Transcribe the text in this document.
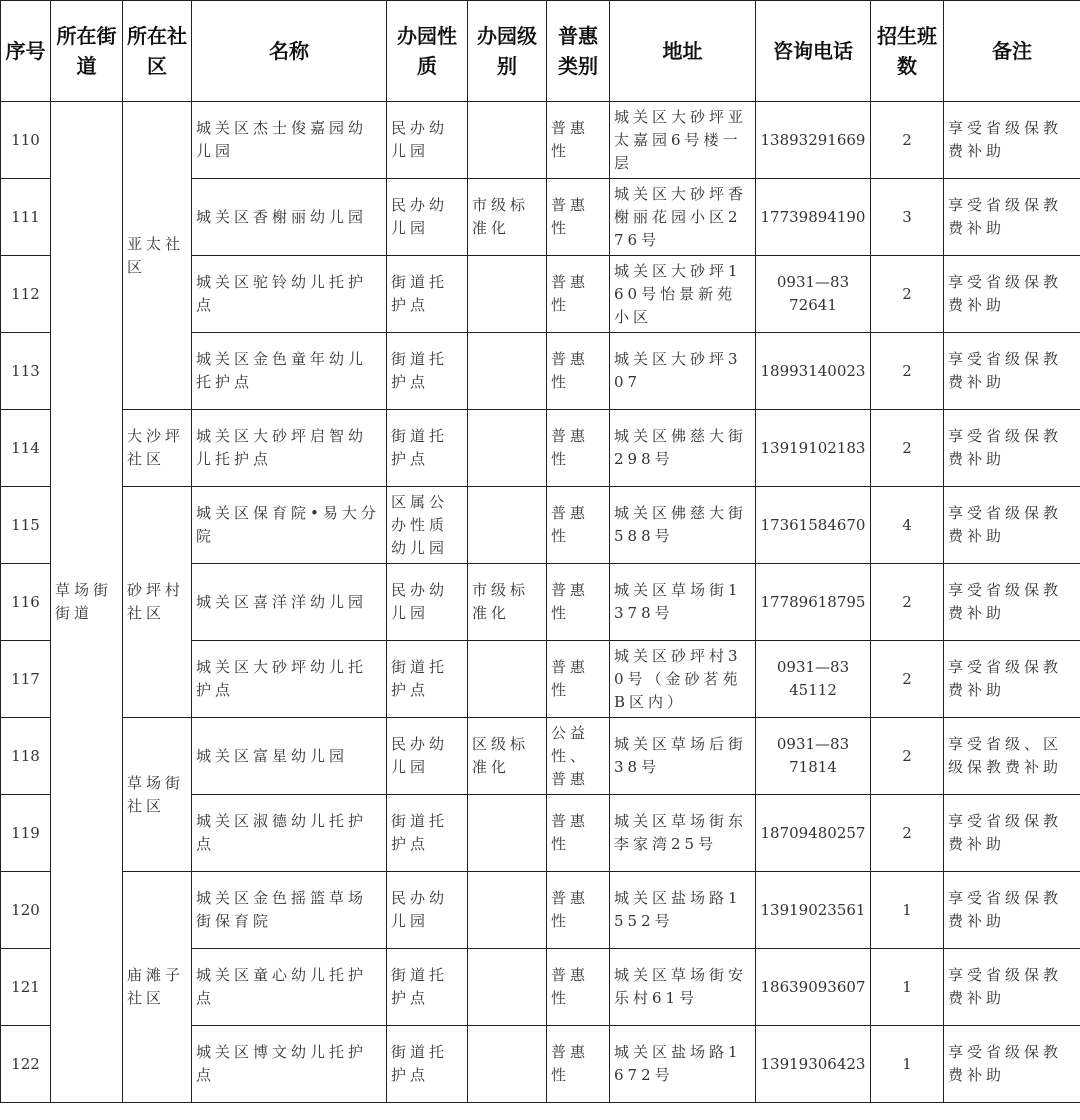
序号	所在街道	所在社区	名称	办园性质	办园级别	普惠类别	地址	咨询电话	招生班数	备注
110	草场街街道	亚太社区	城关区杰士俊嘉园幼儿园	民办幼儿园		普惠性	城关区大砂坪亚太嘉园6号楼一层	13893291669	2	享受省级保教费补助
111			城关区香榭丽幼儿园	民办幼儿园	市级标准化	普惠性	城关区大砂坪香榭丽花园小区276号	17739894190	3	享受省级保教费补助
112			城关区驼铃幼儿托护点	街道托护点		普惠性	城关区大砂坪160号怡景新苑小区	0931—8372641	2	享受省级保教费补助
113			城关区金色童年幼儿托护点	街道托护点		普惠性	城关区大砂坪307	18993140023	2	享受省级保教费补助
114		大沙坪社区	城关区大砂坪启智幼儿托护点	街道托护点		普惠性	城关区佛慈大街298号	13919102183	2	享受省级保教费补助
115		砂坪村社区	城关区保育院•易大分院	区属公办性质幼儿园		普惠性	城关区佛慈大街588号	17361584670	4	享受省级保教费补助
116			城关区喜洋洋幼儿园	民办幼儿园	市级标准化	普惠性	城关区草场街1378号	17789618795	2	享受省级保教费补助
117			城关区大砂坪幼儿托护点	街道托护点		普惠性	城关区砂坪村30号（金砂茗苑B区内）	0931—8345112	2	享受省级保教费补助
118		草场街社区	城关区富星幼儿园	民办幼儿园	区级标准化	公益性、普惠	城关区草场后街38号	0931—8371814	2	享受省级、区级保教费补助
119			城关区淑德幼儿托护点	街道托护点		普惠性	城关区草场街东李家湾25号	18709480257	2	享受省级保教费补助
120		庙滩子社区	城关区金色摇篮草场街保育院	民办幼儿园		普惠性	城关区盐场路1552号	13919023561	1	享受省级保教费补助
121			城关区童心幼儿托护点	街道托护点		普惠性	城关区草场街安乐村61号	18639093607	1	享受省级保教费补助
122			城关区博文幼儿托护点	街道托护点		普惠性	城关区盐场路1672号	13919306423	1	享受省级保教费补助
